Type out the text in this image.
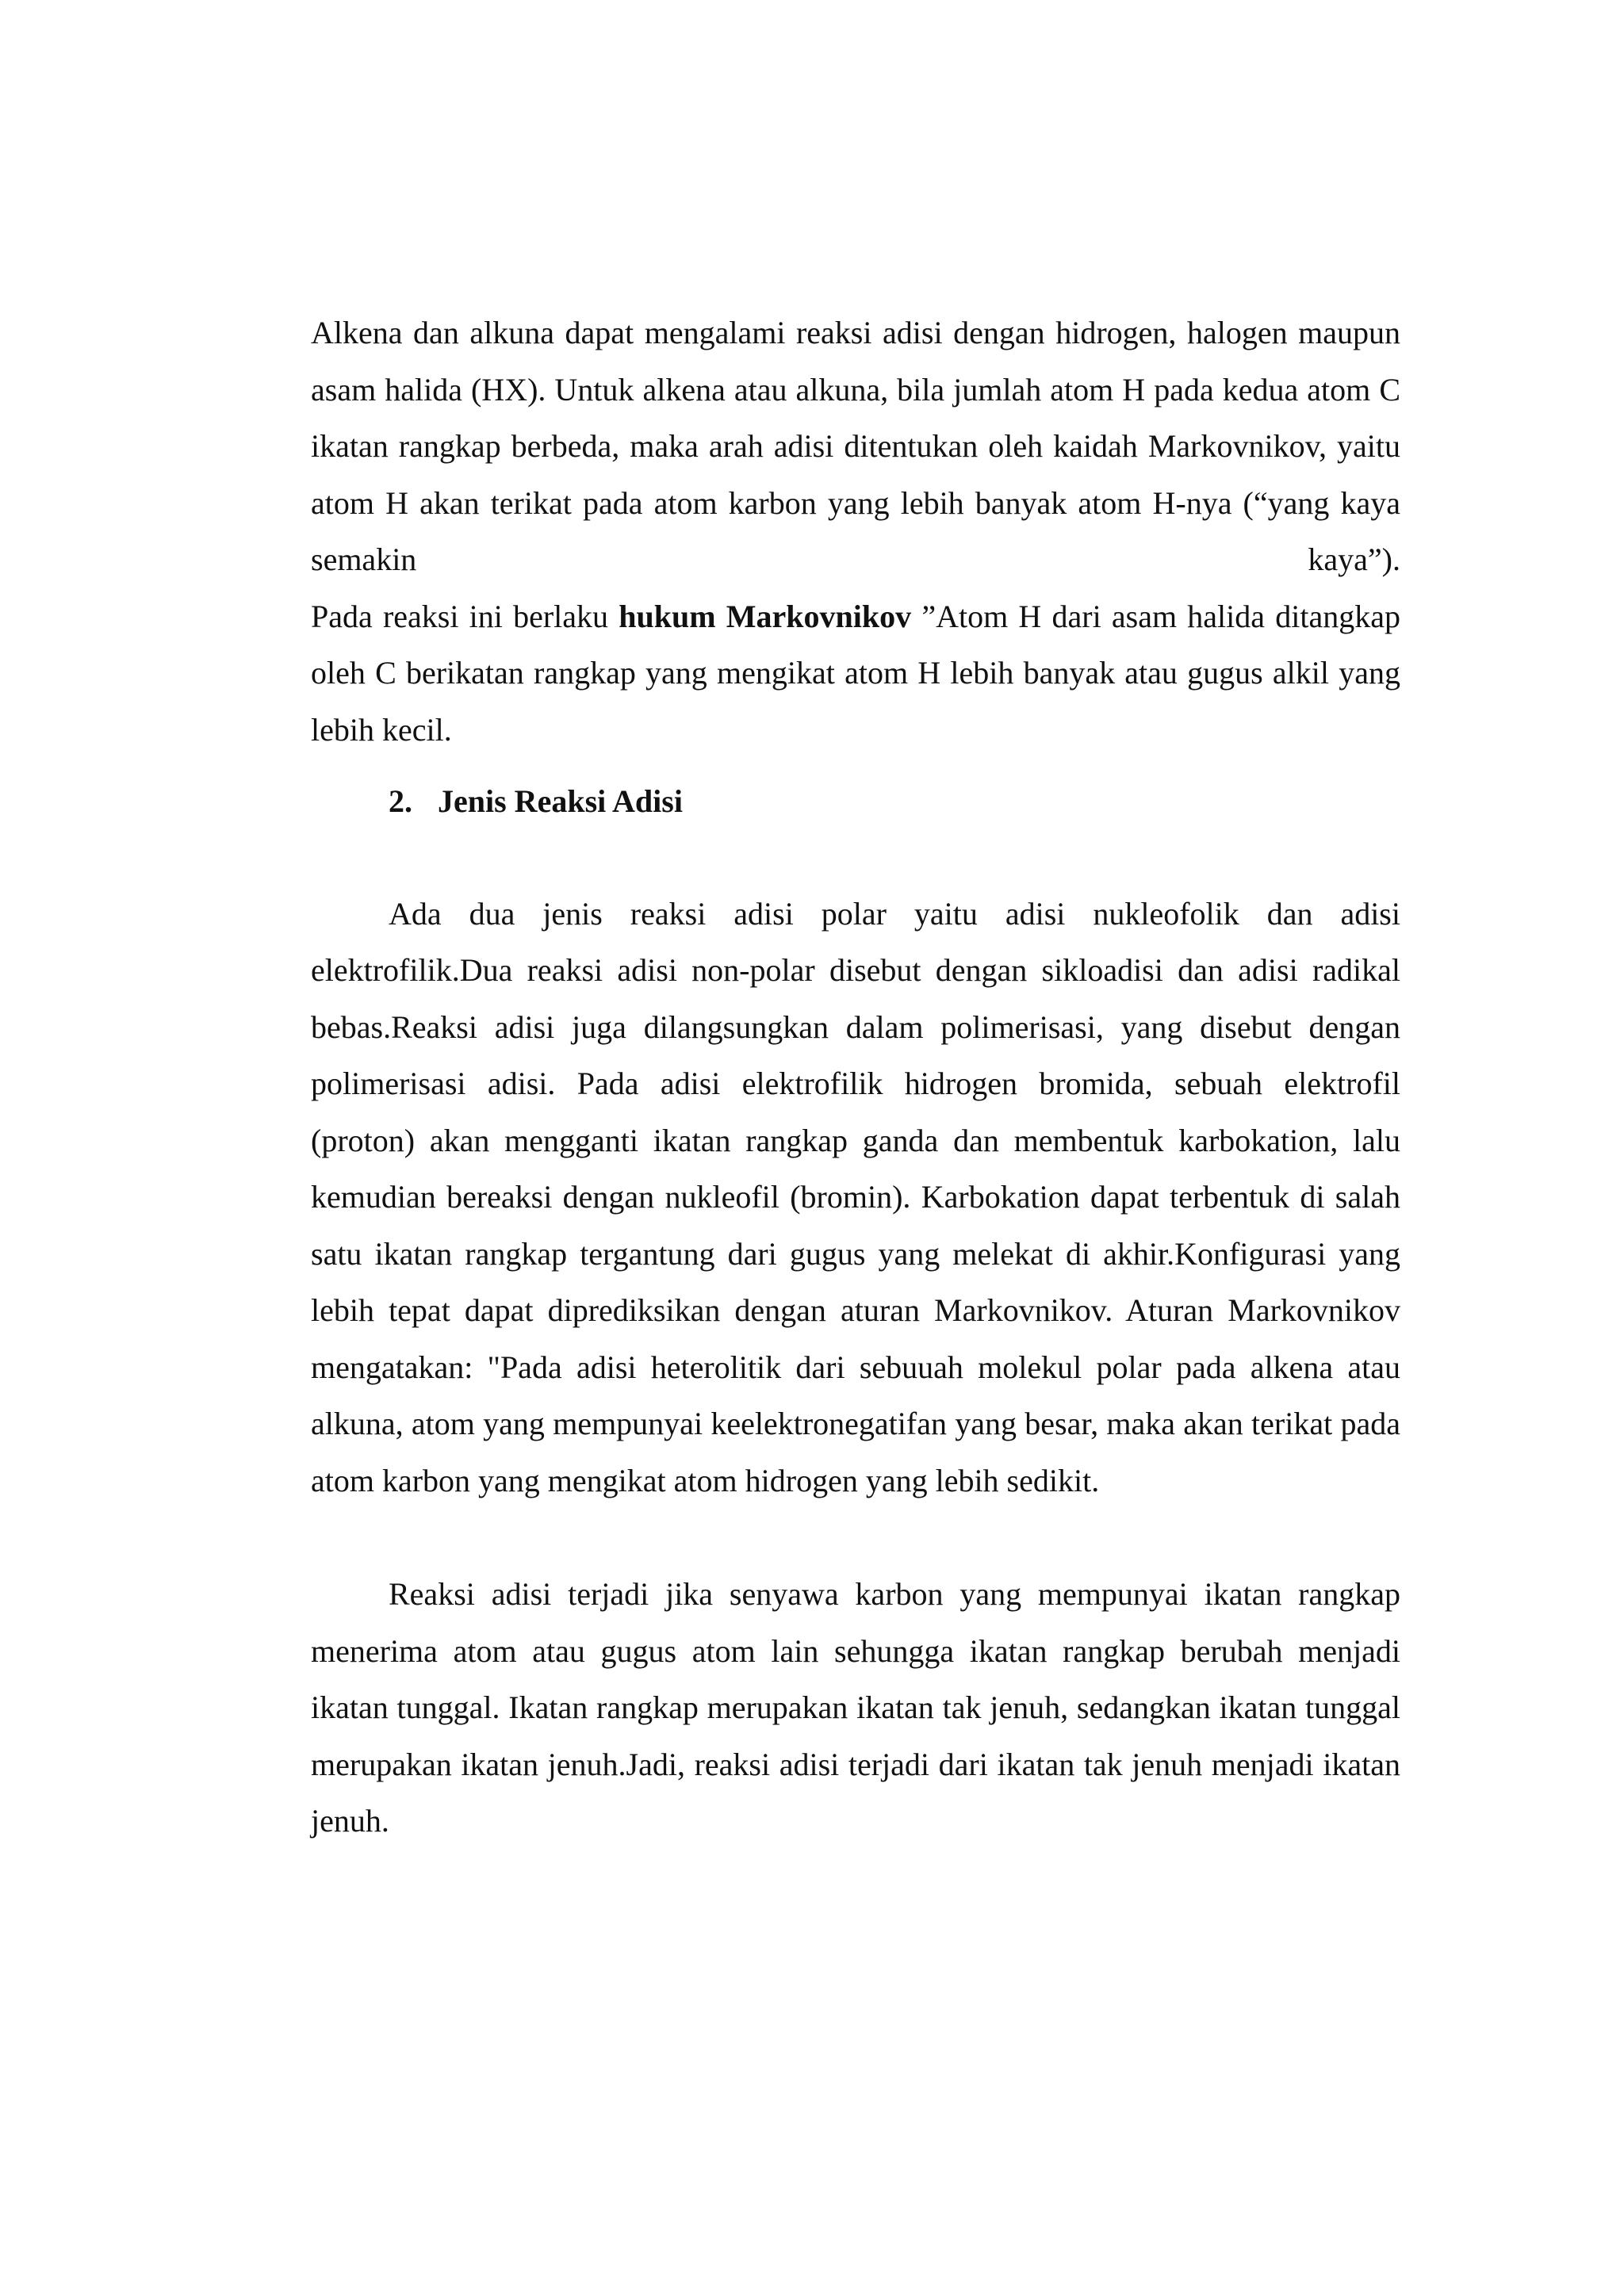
Alkena dan alkuna dapat mengalami reaksi adisi dengan hidrogen, halogen maupun asam halida (HX). Untuk alkena atau alkuna, bila jumlah atom H pada kedua atom C ikatan rangkap berbeda, maka arah adisi ditentukan oleh kaidah Markovnikov, yaitu atom H akan terikat pada atom karbon yang lebih banyak atom H-nya (“yang kaya semakin kaya”).

Pada reaksi ini berlaku hukum Markovnikov ”Atom H dari asam halida ditangkap oleh C berikatan rangkap yang mengikat atom H lebih banyak atau gugus alkil yang lebih kecil.

2. Jenis Reaksi Adisi

Ada dua jenis reaksi adisi polar yaitu adisi nukleofolik dan adisi elektrofilik.Dua reaksi adisi non-polar disebut dengan sikloadisi dan adisi radikal bebas.Reaksi adisi juga dilangsungkan dalam polimerisasi, yang disebut dengan polimerisasi adisi. Pada adisi elektrofilik hidrogen bromida, sebuah elektrofil (proton) akan mengganti ikatan rangkap ganda dan membentuk karbokation, lalu kemudian bereaksi dengan nukleofil (bromin). Karbokation dapat terbentuk di salah satu ikatan rangkap tergantung dari gugus yang melekat di akhir.Konfigurasi yang lebih tepat dapat diprediksikan dengan aturan Markovnikov. Aturan Markovnikov mengatakan: "Pada adisi heterolitik dari sebuuah molekul polar pada alkena atau alkuna, atom yang mempunyai keelektronegatifan yang besar, maka akan terikat pada atom karbon yang mengikat atom hidrogen yang lebih sedikit.

Reaksi adisi terjadi jika senyawa karbon yang mempunyai ikatan rangkap menerima atom atau gugus atom lain sehungga ikatan rangkap berubah menjadi ikatan tunggal. Ikatan rangkap merupakan ikatan tak jenuh, sedangkan ikatan tunggal merupakan ikatan jenuh.Jadi, reaksi adisi terjadi dari ikatan tak jenuh menjadi ikatan jenuh.
